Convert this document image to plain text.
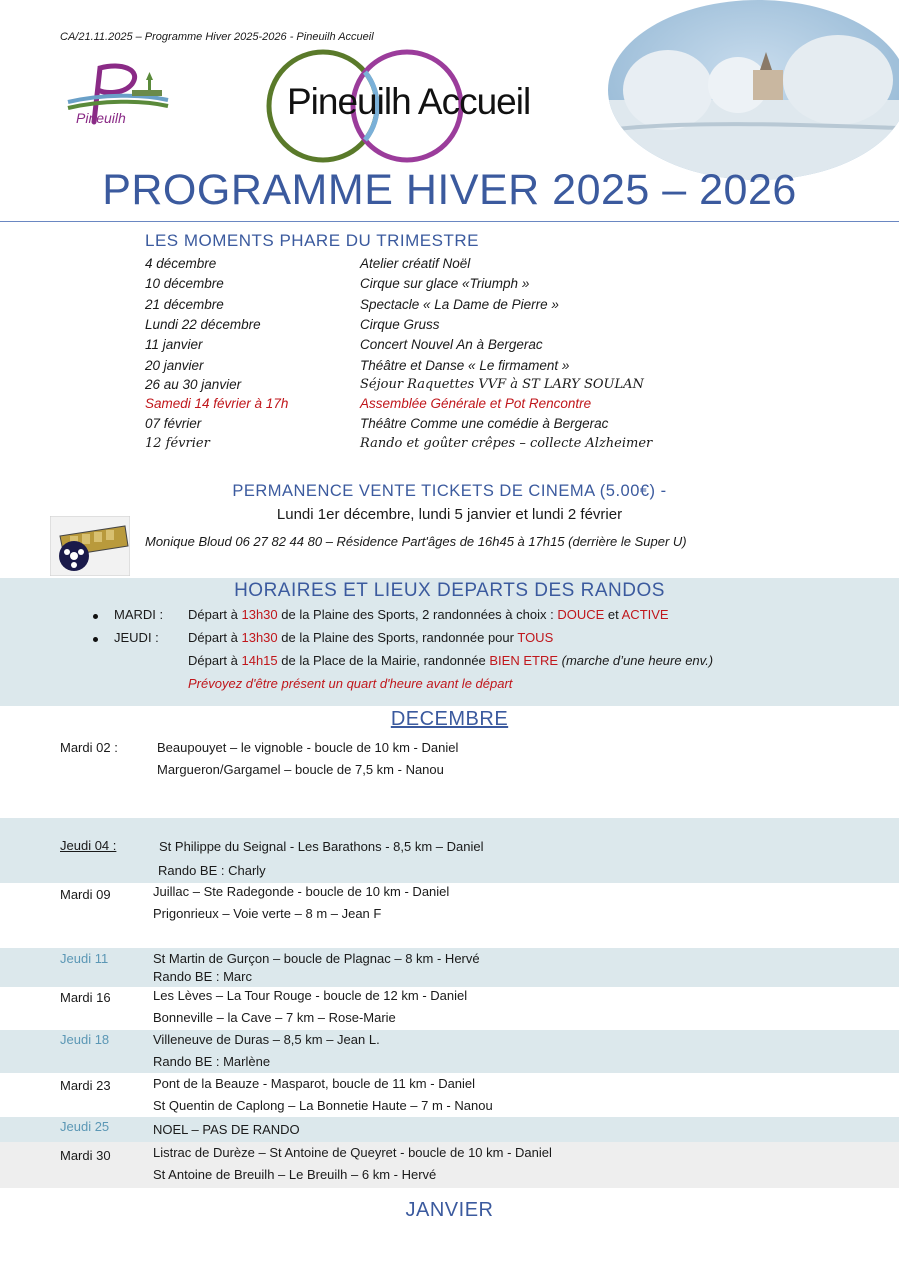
CA/21.11.2025 – Programme Hiver 2025-2026 - Pineuilh Accueil
Pineuilh	Pineuilh Accueil
PROGRAMME HIVER 2025 – 2026
LES MOMENTS PHARE DU TRIMESTRE
4 décembre	Atelier créatif Noël
10 décembre	Cirque sur glace «Triumph »
21 décembre	Spectacle « La Dame de Pierre »
Lundi 22 décembre	Cirque Gruss
11 janvier	Concert Nouvel An à Bergerac
20 janvier	Théâtre et Danse « Le firmament »
26 au 30 janvier	Séjour Raquettes VVF à ST LARY SOULAN
Samedi 14 février à 17h	Assemblée Générale et Pot Rencontre
07 février	Théâtre Comme une comédie à Bergerac
12 février	Rando et goûter crêpes – collecte Alzheimer
PERMANENCE VENTE TICKETS DE CINEMA (5.00€) -
Lundi 1er décembre, lundi 5 janvier et lundi 2 février
Monique Bloud 06 27 82 44 80 – Résidence Part'âges de 16h45 à 17h15 (derrière le Super U)
HORAIRES ET LIEUX DEPARTS DES RANDOS
MARDI : Départ à 13h30 de la Plaine des Sports, 2 randonnées à choix : DOUCE et ACTIVE
JEUDI : Départ à 13h30 de la Plaine des Sports, randonnée pour TOUS
Départ à 14h15 de la Place de la Mairie, randonnée BIEN ETRE (marche d’une heure env.)
Prévoyez d'être présent un quart d'heure avant le départ
DECEMBRE
Mardi 02 :	Beaupouyet – le vignoble - boucle de 10 km - Daniel
Margueron/Gargamel – boucle de 7,5 km - Nanou
Jeudi 04 :	St Philippe du Seignal - Les Barathons - 8,5 km – Daniel
Rando BE : Charly
Mardi 09	Juillac – Ste Radegonde - boucle de 10 km - Daniel
Prigonrieux – Voie verte – 8 m – Jean F
Jeudi 11	St Martin de Gurçon – boucle de Plagnac – 8 km - Hervé
Rando BE : Marc
Mardi 16	Les Lèves – La Tour Rouge - boucle de 12 km - Daniel
Bonneville – la Cave – 7 km – Rose-Marie
Jeudi 18	Villeneuve de Duras – 8,5 km – Jean L.
Rando BE : Marlène
Mardi 23	Pont de la Beauze - Masparot, boucle de 11 km - Daniel
St Quentin de Caplong – La Bonnetie Haute – 7 m - Nanou
Jeudi 25	NOEL – PAS DE RANDO
Mardi 30	Listrac de Durèze – St Antoine de Queyret - boucle de 10 km - Daniel
St Antoine de Breuilh – Le Breuilh – 6 km - Hervé
JANVIER
